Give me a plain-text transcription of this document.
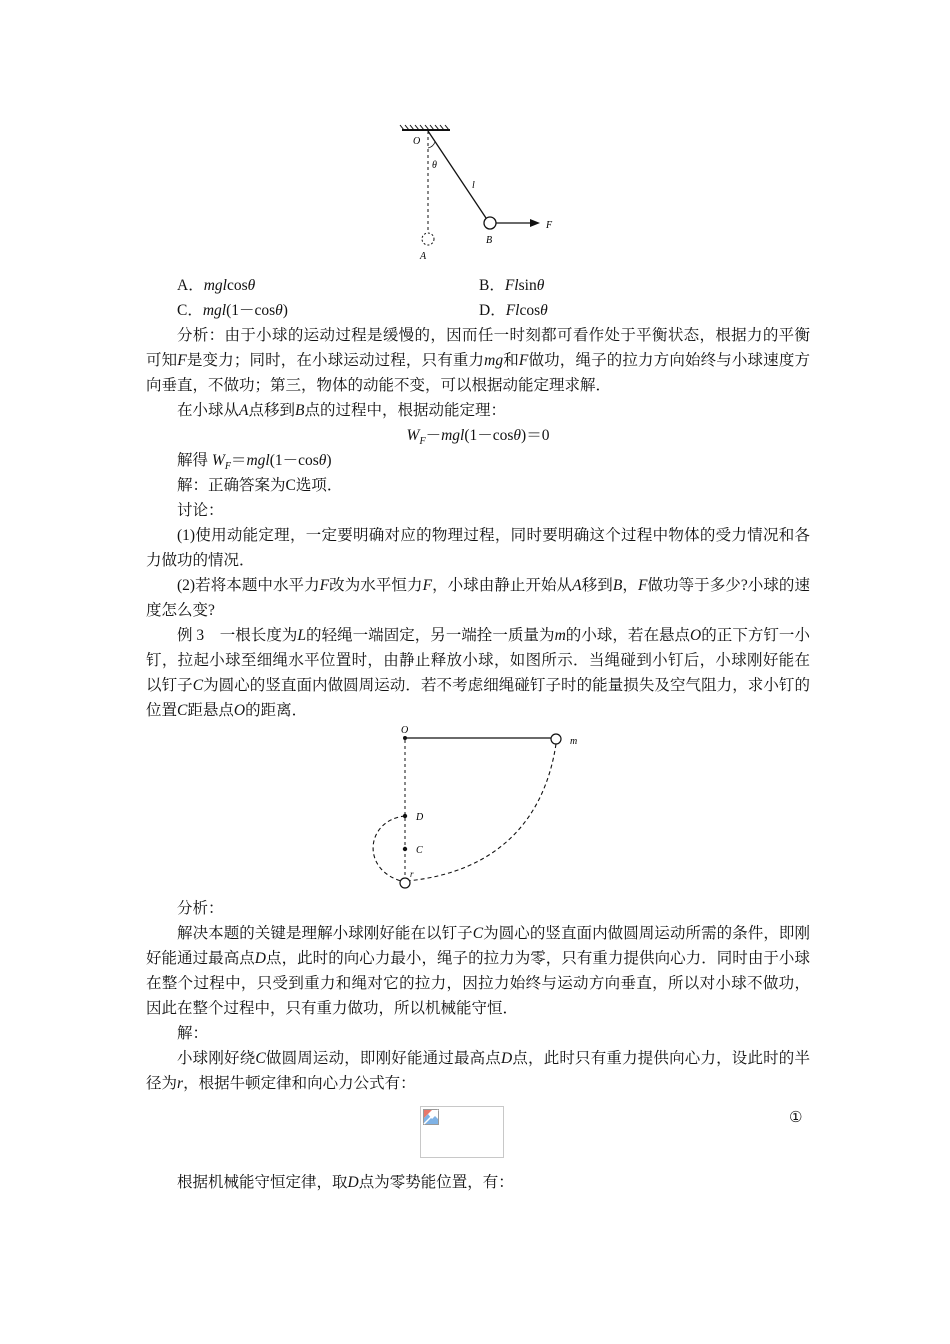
O
θ
l
B
F
A
A．mglcosθ	B．Flsinθ
C．mgl(1－cosθ)	D．Flcosθ

分析：由于小球的运动过程是缓慢的，因而任一时刻都可看作处于平衡状态，根据力的平衡可知F是变力；同时，在小球运动过程，只有重力mg和F做功，绳子的拉力方向始终与小球速度方向垂直，不做功；第三，物体的动能不变，可以根据动能定理求解．

在小球从A点移到B点的过程中，根据动能定理：

$W_F-mgl(1-\cos\theta)=0$

解得 $W_F=mgl(1-\cos\theta)$

解：正确答案为C选项．

讨论：

(1)使用动能定理，一定要明确对应的物理过程，同时要明确这个过程中物体的受力情况和各力做功的情况．

(2)若将本题中水平力F改为水平恒力F，小球由静止开始从A移到B，F做功等于多少?小球的速度怎么变?

例 3　一根长度为L的轻绳一端固定，另一端拴一质量为m的小球，若在悬点O的正下方钉一小钉，拉起小球至细绳水平位置时，由静止释放小球，如图所示．当绳碰到小钉后，小球刚好能在以钉子C为圆心的竖直面内做圆周运动．若不考虑细绳碰钉子时的能量损失及空气阻力，求小钉的位置C距悬点O的距离．

O
m
D
C
r

分析：

解决本题的关键是理解小球刚好能在以钉子C为圆心的竖直面内做圆周运动所需的条件，即刚好能通过最高点D点，此时的向心力最小，绳子的拉力为零，只有重力提供向心力．同时由于小球在整个过程中，只受到重力和绳对它的拉力，因拉力始终与运动方向垂直，所以对小球不做功，因此在整个过程中，只有重力做功，所以机械能守恒．

解：

小球刚好绕C做圆周运动，即刚好能通过最高点D点，此时只有重力提供向心力，设此时的半径为r，根据牛顿定律和向心力公式有：

①

根据机械能守恒定律，取D点为零势能位置，有：
